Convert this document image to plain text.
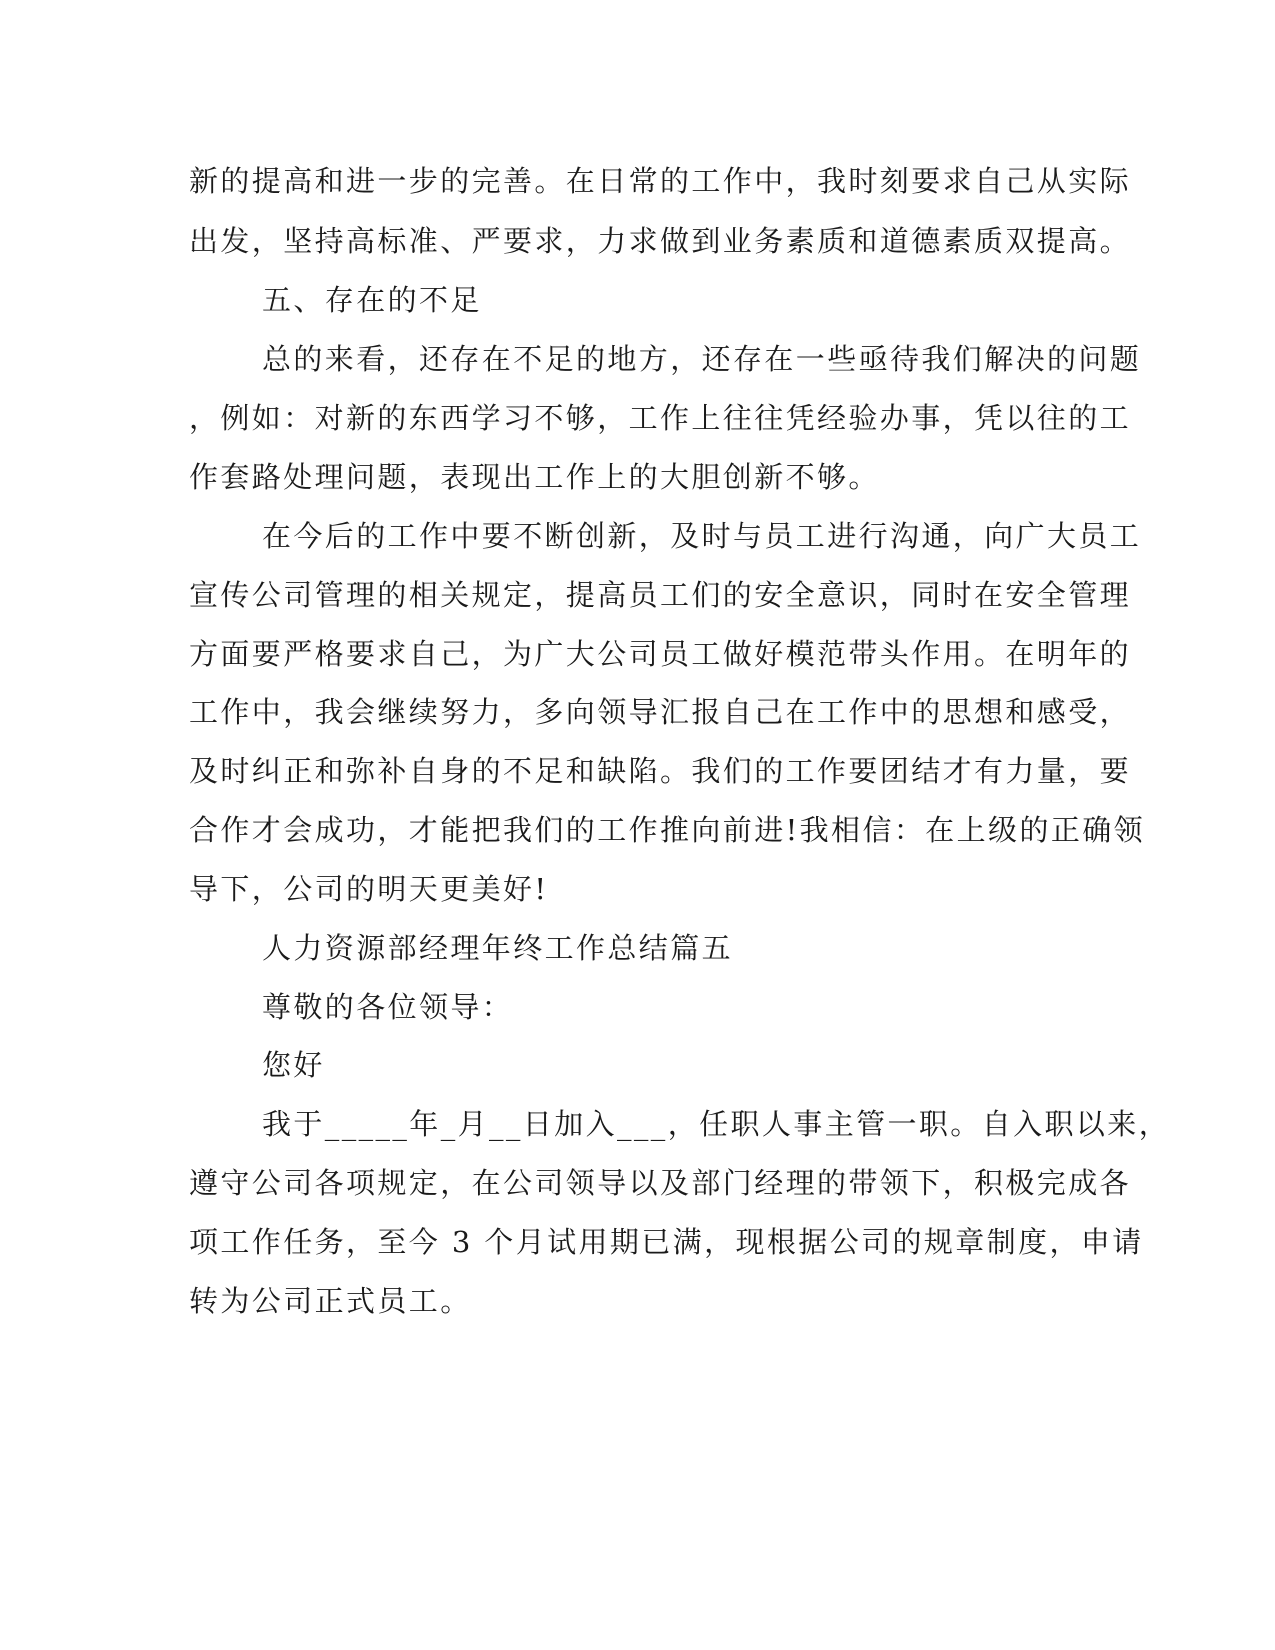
新的提高和进一步的完善。在日常的工作中，我时刻要求自己从实际
出发，坚持高标准、严要求，力求做到业务素质和道德素质双提高。
五、存在的不足
总的来看，还存在不足的地方，还存在一些亟待我们解决的问题
，例如：对新的东西学习不够，工作上往往凭经验办事，凭以往的工
作套路处理问题，表现出工作上的大胆创新不够。
在今后的工作中要不断创新，及时与员工进行沟通，向广大员工
宣传公司管理的相关规定，提高员工们的安全意识，同时在安全管理
方面要严格要求自己，为广大公司员工做好模范带头作用。在明年的
工作中，我会继续努力，多向领导汇报自己在工作中的思想和感受，
及时纠正和弥补自身的不足和缺陷。我们的工作要团结才有力量，要
合作才会成功，才能把我们的工作推向前进!我相信：在上级的正确领
导下，公司的明天更美好!
人力资源部经理年终工作总结篇五
尊敬的各位领导：
您好
我于_____年_月__日加入___，任职人事主管一职。自入职以来，
遵守公司各项规定，在公司领导以及部门经理的带领下，积极完成各
项工作任务，至今 3 个月试用期已满，现根据公司的规章制度，申请
转为公司正式员工。
